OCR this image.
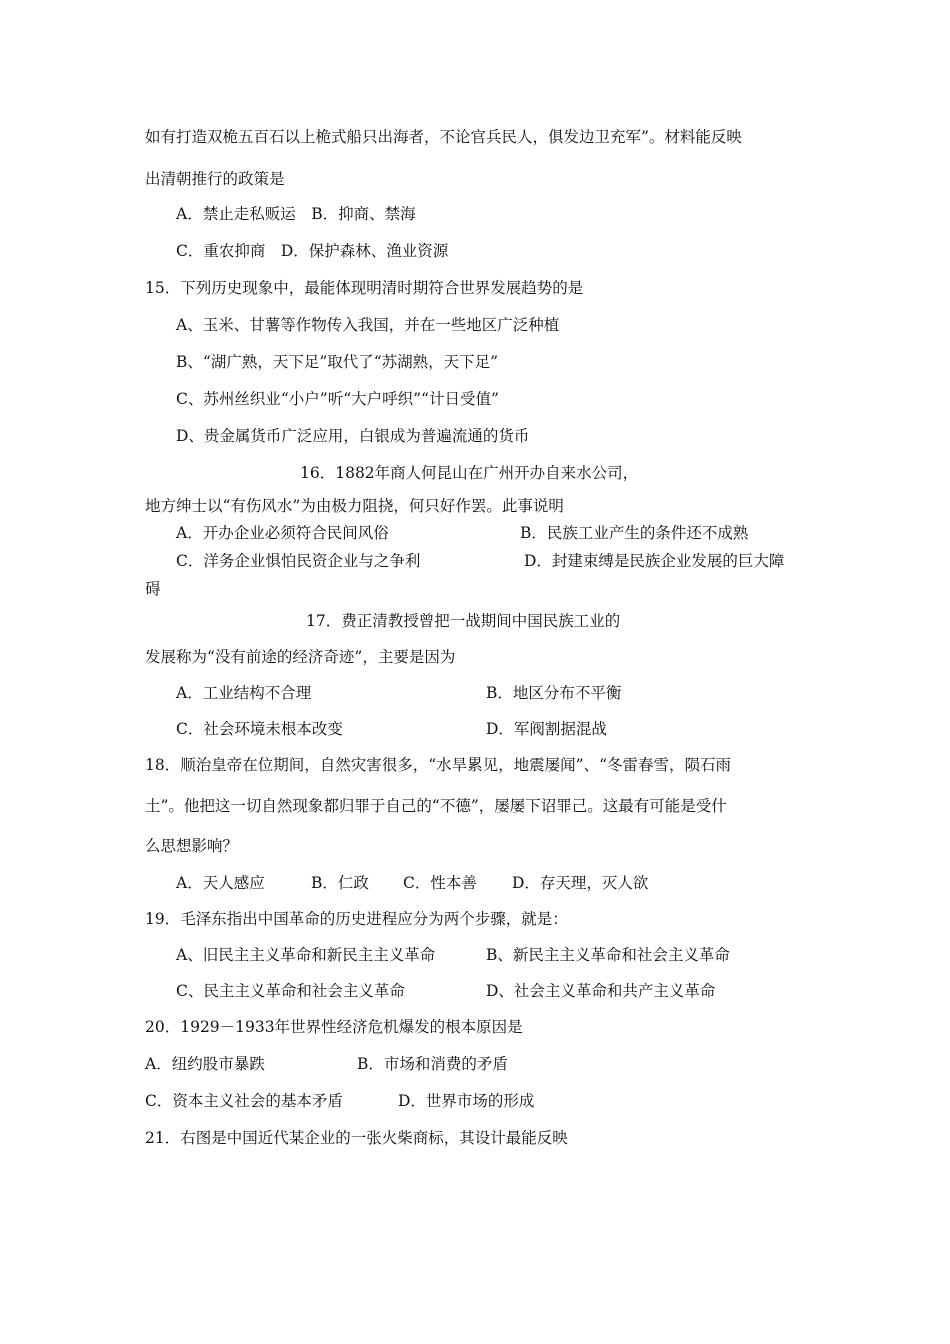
如有打造双桅五百石以上桅式船只出海者，不论官兵民人，俱发边卫充军”。材料能反映
出清朝推行的政策是
A．禁止走私贩运　B．抑商、禁海
C．重农抑商　D．保护森林、渔业资源
15．下列历史现象中，最能体现明清时期符合世界发展趋势的是
A、玉米、甘薯等作物传入我国，并在一些地区广泛种植
B、“湖广熟，天下足”取代了“苏湖熟，天下足”
C、苏州丝织业“小户”听“大户呼织”“计日受值”
D、贵金属货币广泛应用，白银成为普遍流通的货币
16．1882年商人何昆山在广州开办自来水公司，
地方绅士以“有伤风水”为由极力阻挠，何只好作罢。此事说明
A．开办企业必须符合民间风俗	B．民族工业产生的条件还不成熟
C．洋务企业惧怕民资企业与之争利	D．封建束缚是民族企业发展的巨大障
碍
17．费正清教授曾把一战期间中国民族工业的
发展称为“没有前途的经济奇迹”，主要是因为
A．工业结构不合理	B．地区分布不平衡
C．社会环境未根本改变	D．军阀割据混战
18．顺治皇帝在位期间，自然灾害很多，“水旱累见，地震屡闻”、“冬雷春雪，陨石雨
土”。他把这一切自然现象都归罪于自己的“不德”，屡屡下诏罪己。这最有可能是受什
么思想影响？
A．天人感应	B．仁政 C．性本善 D．存天理，灭人欲
19．毛泽东指出中国革命的历史进程应分为两个步骤，就是：
A、旧民主主义革命和新民主主义革命	B、新民主主义革命和社会主义革命
C、民主主义革命和社会主义革命	D、社会主义革命和共产主义革命
20．1929－1933年世界性经济危机爆发的根本原因是
A．纽约股市暴跌	B．市场和消费的矛盾
C．资本主义社会的基本矛盾	D．世界市场的形成
21．右图是中国近代某企业的一张火柴商标，其设计最能反映
